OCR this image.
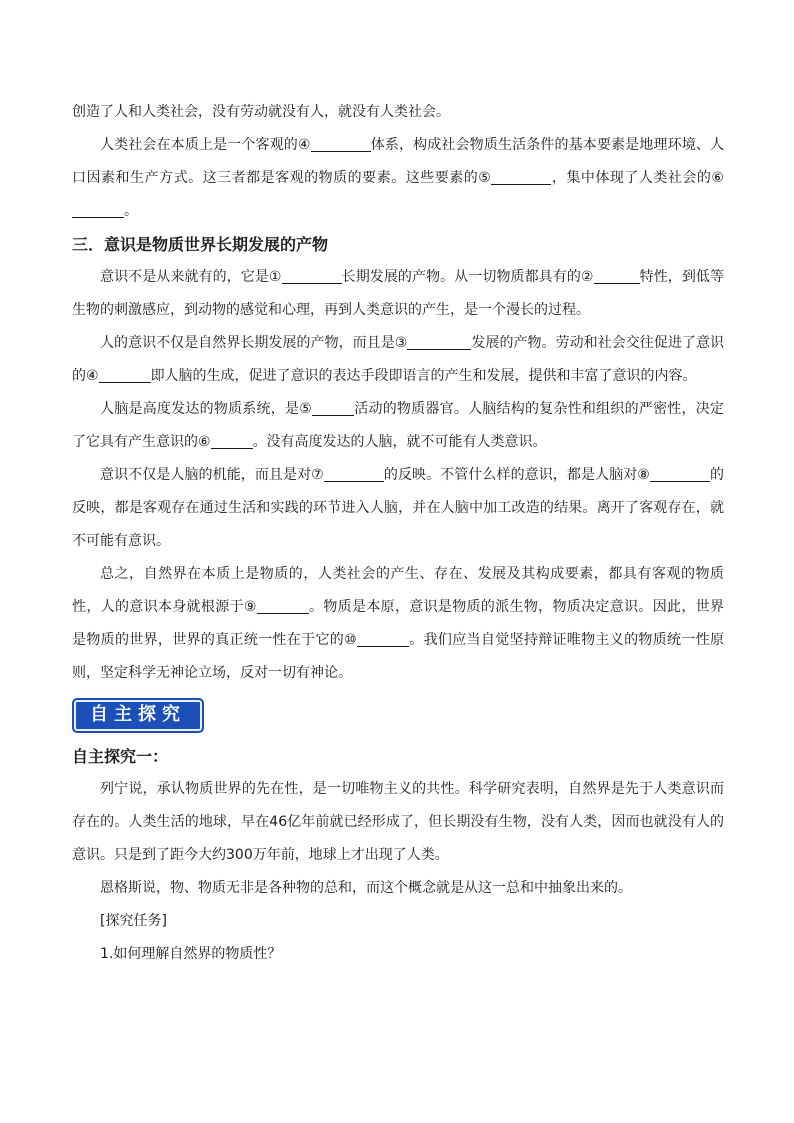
创造了人和人类社会，没有劳动就没有人，就没有人类社会。

人类社会在本质上是一个客观的④	体系，构成社会物质生活条件的基本要素是地理环境、人口因素和生产方式。这三者都是客观的物质的要素。这些要素的⑤	，集中体现了人类社会的⑥。

三．意识是物质世界长期发展的产物

意识不是从来就有的，它是①	长期发展的产物。从一切物质都具有的②	特性，到低等生物的刺激感应，到动物的感觉和心理，再到人类意识的产生，是一个漫长的过程。

人的意识不仅是自然界长期发展的产物，而且是③	发展的产物。劳动和社会交往促进了意识的④	即人脑的生成，促进了意识的表达手段即语言的产生和发展，提供和丰富了意识的内容。

人脑是高度发达的物质系统，是⑤	活动的物质器官。人脑结构的复杂性和组织的严密性，决定了它具有产生意识的⑥	。没有高度发达的人脑，就不可能有人类意识。

意识不仅是人脑的机能，而且是对⑦	的反映。不管什么样的意识，都是人脑对⑧	的反映，都是客观存在通过生活和实践的环节进入人脑，并在人脑中加工改造的结果。离开了客观存在，就不可能有意识。

总之，自然界在本质上是物质的，人类社会的产生、存在、发展及其构成要素，都具有客观的物质性，人的意识本身就根源于⑨	。物质是本原，意识是物质的派生物，物质决定意识。因此，世界是物质的世界，世界的真正统一性在于它的⑩	。我们应当自觉坚持辩证唯物主义的物质统一性原则，坚定科学无神论立场，反对一切有神论。

自主探究
自主探究一：

列宁说，承认物质世界的先在性，是一切唯物主义的共性。科学研究表明，自然界是先于人类意识而存在的。人类生活的地球，早在46亿年前就已经形成了，但长期没有生物，没有人类，因而也就没有人的意识。只是到了距今大约300万年前，地球上才出现了人类。

恩格斯说，物、物质无非是各种物的总和，而这个概念就是从这一总和中抽象出来的。

[探究任务]

1.如何理解自然界的物质性？
